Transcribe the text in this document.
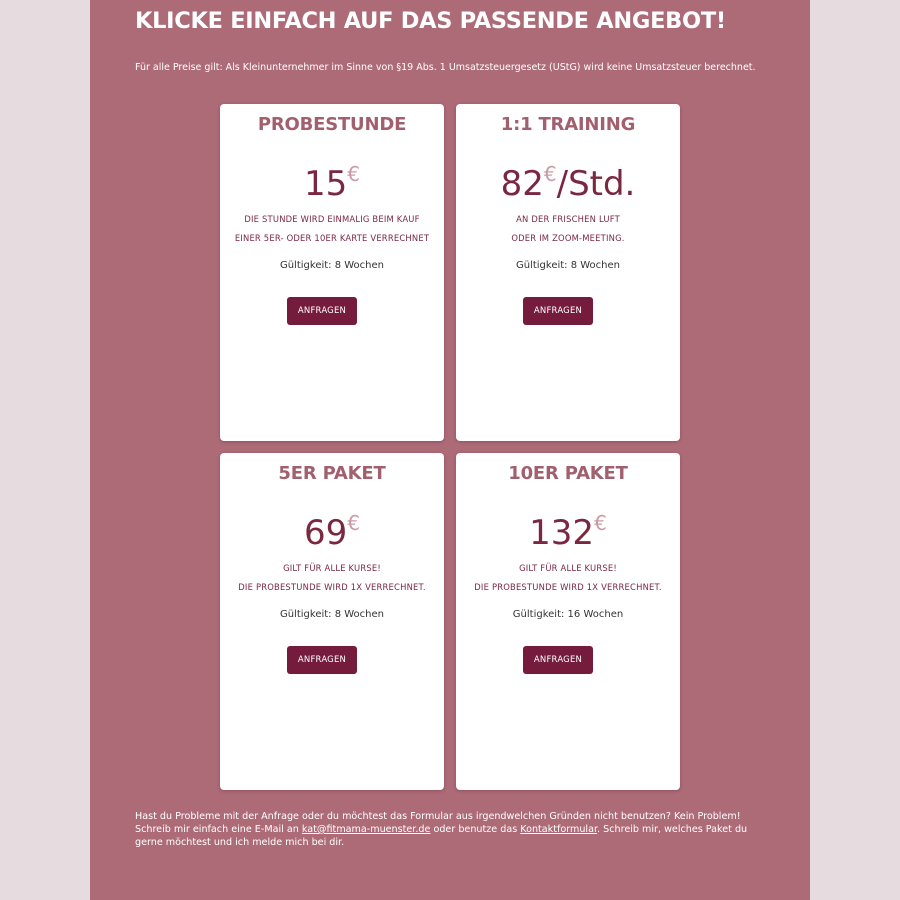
KLICKE EINFACH AUF DAS PASSENDE ANGEBOT!

Für alle Preise gilt: Als Kleinunternehmer im Sinne von §19 Abs. 1 Umsatzsteuergesetz (UStG) wird keine Umsatzsteuer berechnet.

PROBESTUNDE
15€
DIE STUNDE WIRD EINMALIG BEIM KAUF
EINER 5ER- ODER 10ER KARTE VERRECHNET
Gültigkeit: 8 Wochen
ANFRAGEN
1:1 TRAINING
82€/Std.
AN DER FRISCHEN LUFT
ODER IM ZOOM-MEETING.
Gültigkeit: 8 Wochen
ANFRAGEN
5ER PAKET
69€
GILT FÜR ALLE KURSE!
DIE PROBESTUNDE WIRD 1X VERRECHNET.
Gültigkeit: 8 Wochen
ANFRAGEN
10ER PAKET
132€
GILT FÜR ALLE KURSE!
DIE PROBESTUNDE WIRD 1X VERRECHNET.
Gültigkeit: 16 Wochen
ANFRAGEN

Hast du Probleme mit der Anfrage oder du möchtest das Formular aus irgendwelchen Gründen nicht benutzen? Kein Problem!
Schreib mir einfach eine E-Mail an kat@fitmama-muenster.de oder benutze das Kontaktformular. Schreib mir, welches Paket du gerne möchtest und ich melde mich bei dir.
